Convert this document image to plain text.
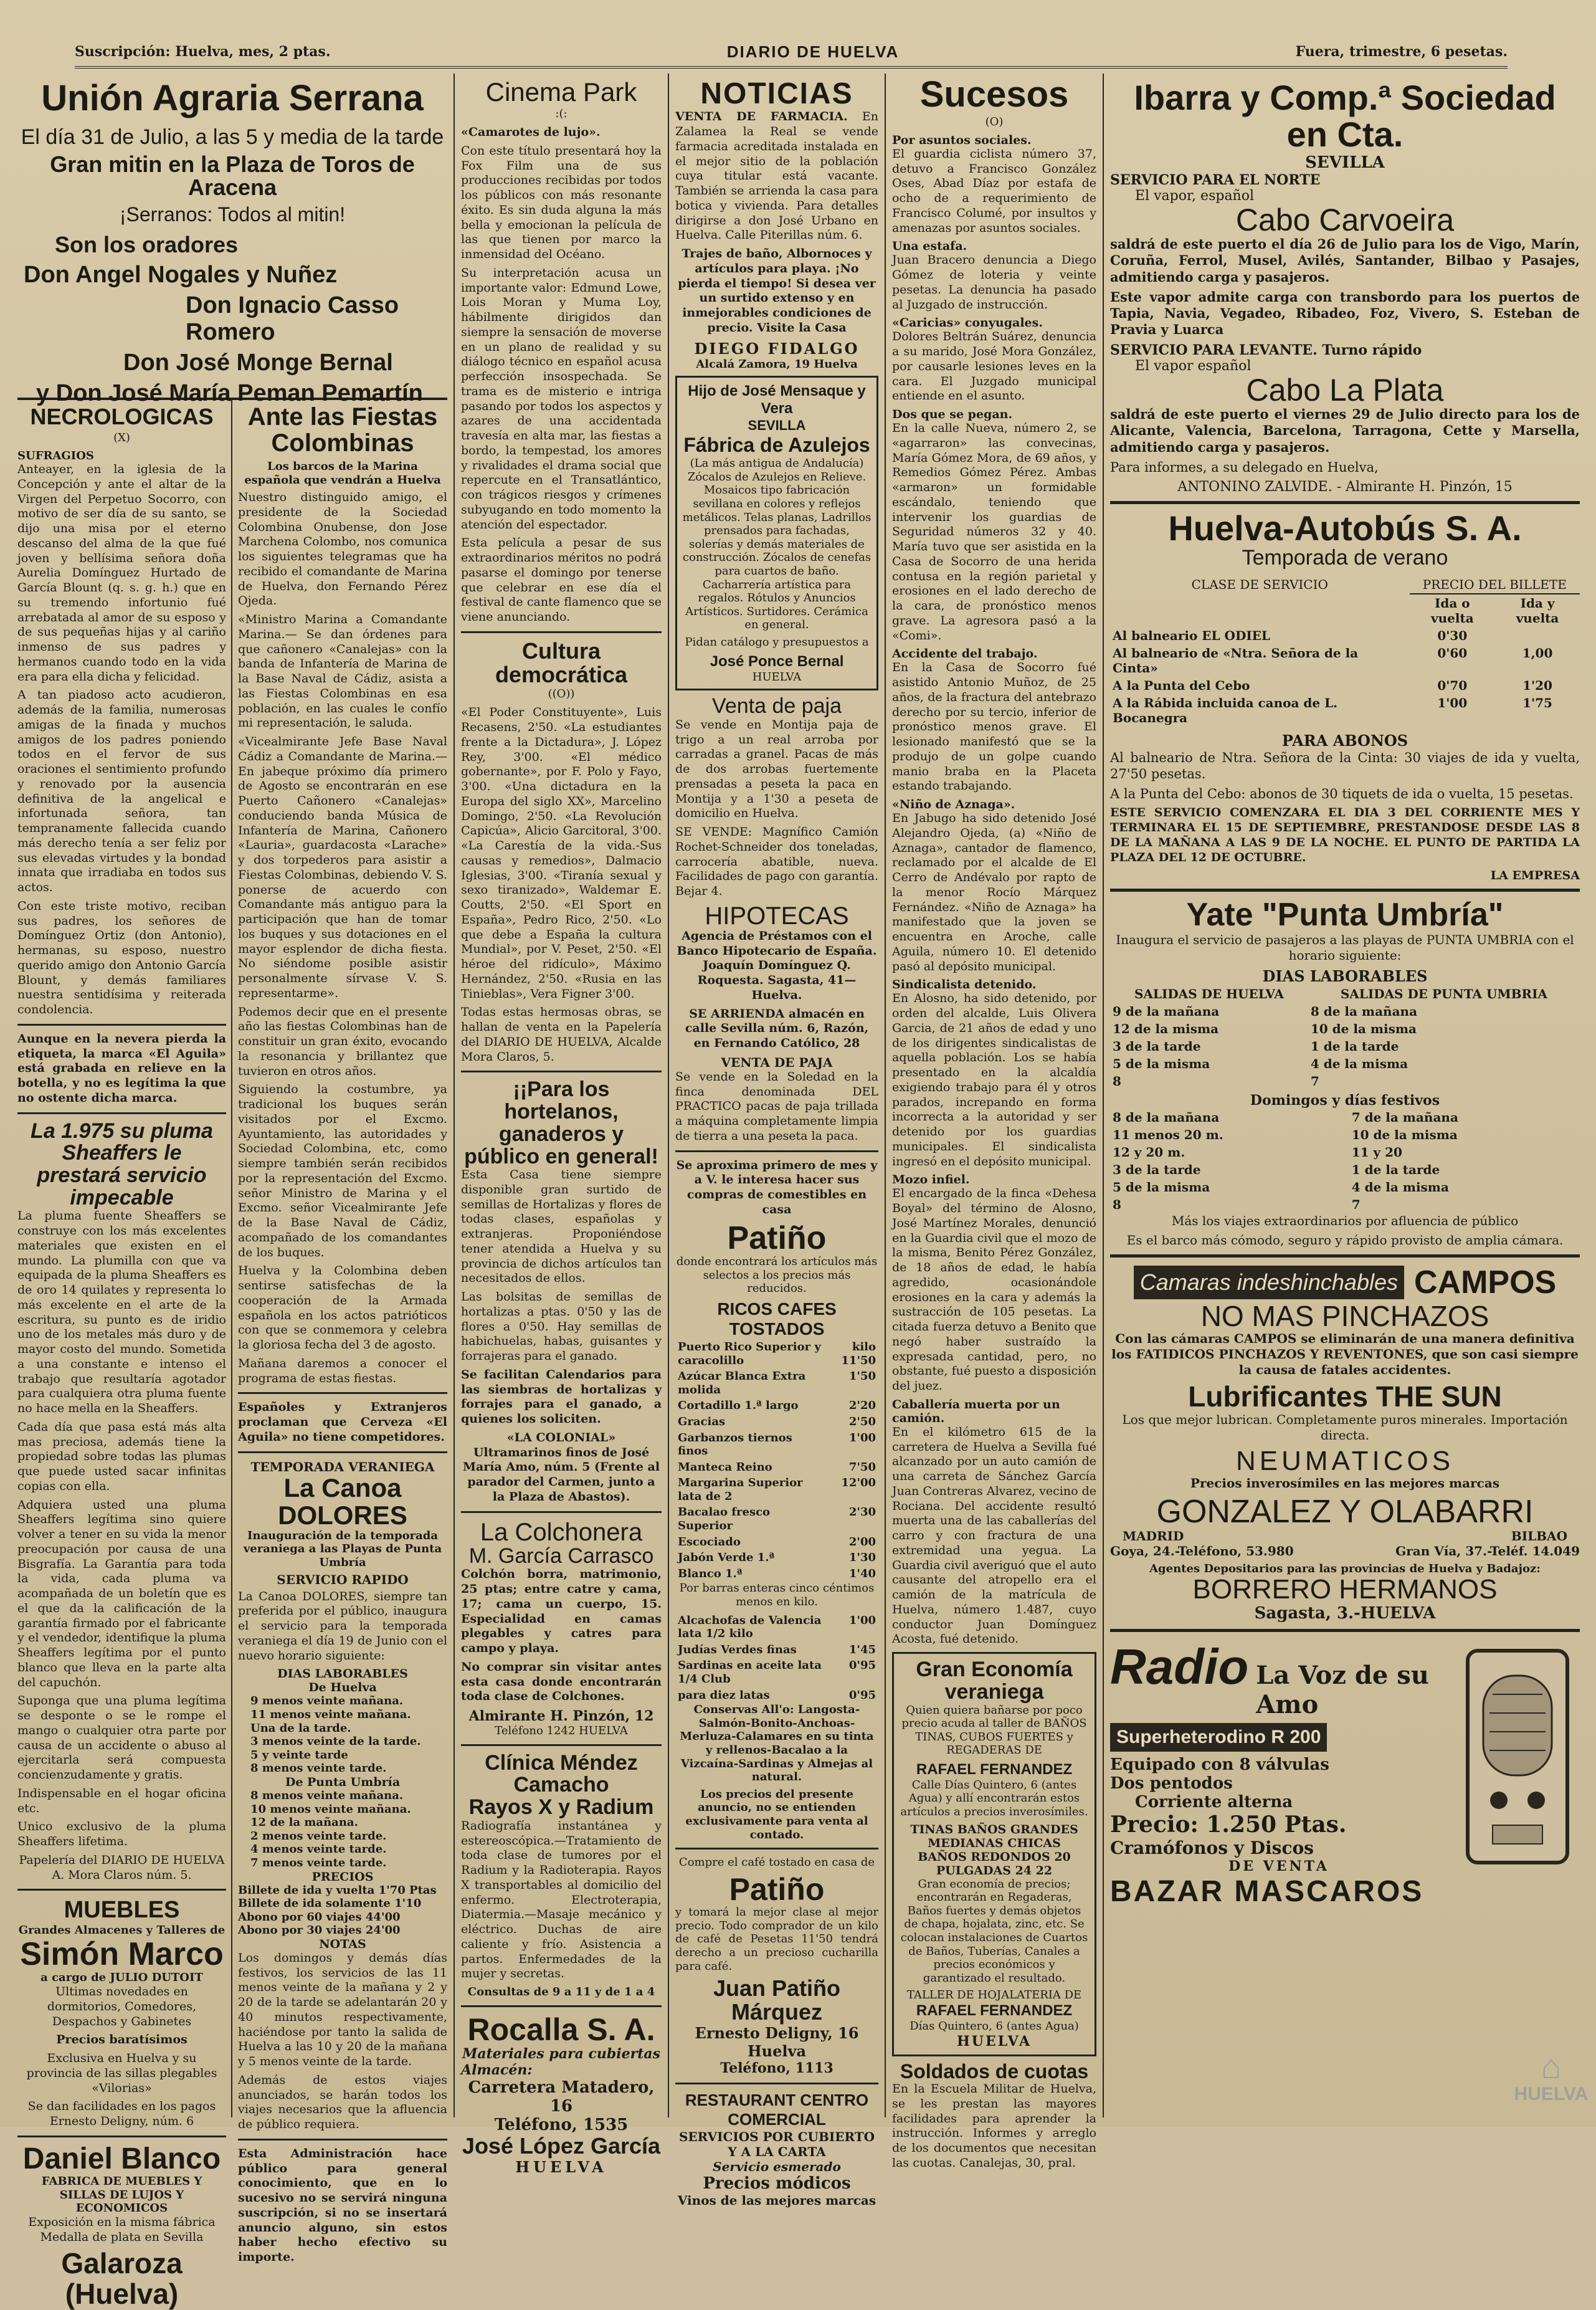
Suscripción: Huelva, mes, 2 ptas.	DIARIO DE HUELVA	Fuera, trimestre, 6 pesetas.
Unión Agraria Serrana
El día 31 de Julio, a las 5 y media de la tarde
Gran mitin en la Plaza de Toros de Aracena
¡Serranos: Todos al mitin!
Son los oradores
Don Angel Nogales y Nuñez
Don Ignacio Casso Romero
Don José Monge Bernal
y Don José María Peman Pemartín
NECROLOGICAS
(X)
SUFRAGIOS

Anteayer, en la iglesia de la Concepción y ante el altar de la Virgen del Perpetuo Socorro, con motivo de ser día de su santo, se dijo una misa por el eterno descanso del alma de la que fué joven y bellísima señora doña Aurelia Domínguez Hurtado de García Blount (q. s. g. h.) que en su tremendo infortunio fué arrebatada al amor de su esposo y de sus pequeñas hijas y al cariño inmenso de sus padres y hermanos cuando todo en la vida era para ella dicha y felicidad.

A tan piadoso acto acudieron, además de la familia, numerosas amigas de la finada y muchos amigos de los padres poniendo todos en el fervor de sus oraciones el sentimiento profundo y renovado por la ausencia definitiva de la angelical e infortunada señora, tan tempranamente fallecida cuando más derecho tenía a ser feliz por sus elevadas virtudes y la bondad innata que irradiaba en todos sus actos.

Con este triste motivo, reciban sus padres, los señores de Domínguez Ortiz (don Antonio), hermanas, su esposo, nuestro querido amigo don Antonio García Blount, y demás familiares nuestra sentidísima y reiterada condolencia.

Aunque en la nevera pierda la etiqueta, la marca «El Aguila» está grabada en relieve en la botella, y no es legítima la que no ostente dicha marca.

La 1.975 su pluma Sheaffers le prestará servicio impecable

La pluma fuente Sheaffers se construye con los más excelentes materiales que existen en el mundo. La plumilla con que va equipada de la pluma Sheaffers es de oro 14 quilates y representa lo más excelente en el arte de la escritura, su punto es de iridio uno de los metales más duro y de mayor costo del mundo. Sometida a una constante e intenso el trabajo que resultaría agotador para cualquiera otra pluma fuente no hace mella en la Sheaffers.

Cada día que pasa está más alta mas preciosa, además tiene la propiedad sobre todas las plumas que puede usted sacar infinitas copias con ella.

Adquiera usted una pluma Sheaffers legítima sino quiere volver a tener en su vida la menor preocupación por causa de una Bisgrafía. La Garantía para toda la vida, cada pluma va acompañada de un boletín que es el que da la calificación de la garantía firmado por el fabricante y el vendedor, identifique la pluma Sheaffers legítima por el punto blanco que lleva en la parte alta del capuchón.

Suponga que una pluma legítima se desponte o se le rompe el mango o cualquier otra parte por causa de un accidente o abuso al ejercitarla será compuesta concienzudamente y gratis.

Indispensable en el hogar oficina etc.

Unico exclusivo de la pluma Sheaffers lifetima.

Papelería del DIARIO DE HUELVA A. Mora Claros núm. 5.

MUEBLES
Grandes Almacenes y Talleres de
Simón Marco
a cargo de JULIO DUTOIT

Ultimas novedades en dormitorios, Comedores, Despachos y Gabinetes

Precios baratísimos

Exclusiva en Huelva y su provincia de las sillas plegables «Vilorias»

Se dan facilidades en los pagos Ernesto Deligny, núm. 6

Daniel Blanco
FABRICA DE MUEBLES Y SILLAS DE LUJOS Y ECONOMICOS

Exposición en la misma fábrica Medalla de plata en Sevilla

Galaroza (Huelva)
Ante las Fiestas Colombinas
Los barcos de la Marina española que vendrán a Huelva

Nuestro distinguido amigo, el presidente de la Sociedad Colombina Onubense, don Jose Marchena Colombo, nos comunica los siguientes telegramas que ha recibido el comandante de Marina de Huelva, don Fernando Pérez Ojeda.

«Ministro Marina a Comandante Marina.— Se dan órdenes para que cañonero «Canalejas» con la banda de Infantería de Marina de la Base Naval de Cádiz, asista a las Fiestas Colombinas en esa población, en las cuales le confío mi representación, le saluda.

«Vicealmirante Jefe Base Naval Cádiz a Comandante de Marina.— En jabeque próximo día primero de Agosto se encontrarán en ese Puerto Cañonero «Canalejas» conduciendo banda Música de Infantería de Marina, Cañonero «Lauria», guardacosta «Larache» y dos torpederos para asistir a Fiestas Colombinas, debiendo V. S. ponerse de acuerdo con Comandante más antiguo para la participación que han de tomar los buques y sus dotaciones en el mayor esplendor de dicha fiesta. No siéndome posible asistir personalmente sírvase V. S. representarme».

Podemos decir que en el presente año las fiestas Colombinas han de constituir un gran éxito, evocando la resonancia y brillantez que tuvieron en otros años.

Siguiendo la costumbre, ya tradicional los buques serán visitados por el Excmo. Ayuntamiento, las autoridades y Sociedad Colombina, etc, como siempre también serán recibidos por la representación del Excmo. señor Ministro de Marina y el Excmo. señor Vicealmirante Jefe de la Base Naval de Cádiz, acompañado de los comandantes de los buques.

Huelva y la Colombina deben sentirse satisfechas de la cooperación de la Armada española en los actos patrióticos con que se conmemora y celebra la gloriosa fecha del 3 de agosto.

Mañana daremos a conocer el programa de estas fiestas.

Españoles y Extranjeros proclaman que Cerveza «El Aguila» no tiene competidores.

TEMPORADA VERANIEGA
La Canoa DOLORES
Inauguración de la temporada veraniega a las Playas de Punta Umbría
SERVICIO RAPIDO

La Canoa DOLORES, siempre tan preferida por el público, inaugura el servicio para la temporada veraniega el día 19 de Junio con el nuevo horario siguiente:

DIAS LABORABLES
De Huelva
9 menos veinte mañana.
11 menos veinte mañana.
Una de la tarde.
3 menos veinte de la tarde.
5 y veinte tarde
8 menos veinte tarde.
De Punta Umbría
8 menos veinte mañana.
10 menos veinte mañana.
12 de la mañana.
2 menos veinte tarde.
4 menos veinte tarde.
7 menos veinte tarde.
PRECIOS
Billete de ida y vuelta 1'70 Ptas
Billete de ida solamente 1'10
Abono por 60 viajes 44'00
Abono por 30 viajes 24'00
NOTAS

Los domingos y demás días festivos, los servicios de las 11 menos veinte de la mañana y 2 y 20 de la tarde se adelantarán 20 y 40 minutos respectivamente, haciéndose por tanto la salida de Huelva a las 10 y 20 de la mañana y 5 menos veinte de la tarde.

Además de estos viajes anunciados, se harán todos los viajes necesarios que la afluencia de público requiera.

Esta Administración hace público para general conocimiento, que en lo sucesivo no se servirá ninguna suscripción, si no se insertará anuncio alguno, sin estos haber hecho efectivo su importe.

Cinema Park
:(:

«Camarotes de lujo».

Con este título presentará hoy la Fox Film una de sus producciones recibidas por todos los públicos con más resonante éxito. Es sin duda alguna la más bella y emocionan la película de las que tienen por marco la inmensidad del Océano.

Su interpretación acusa un importante valor: Edmund Lowe, Lois Moran y Muma Loy, hábilmente dirigidos dan siempre la sensación de moverse en un plano de realidad y su diálogo técnico en español acusa perfección insospechada. Se trama es de misterio e intriga pasando por todos los aspectos y azares de una accidentada travesía en alta mar, las fiestas a bordo, la tempestad, los amores y rivalidades el drama social que repercute en el Transatlántico, con trágicos riesgos y crímenes subyugando en todo momento la atención del espectador.

Esta película a pesar de sus extraordinarios méritos no podrá pasarse el domingo por tenerse que celebrar en ese día el festival de cante flamenco que se viene anunciando.

Cultura democrática
((O))

«El Poder Constituyente», Luis Recasens, 2'50. «La estudiantes frente a la Dictadura», J. López Rey, 3'00. «El médico gobernante», por F. Polo y Fayo, 3'00. «Una dictadura en la Europa del siglo XX», Marcelino Domingo, 2'50. «La Revolución Capicúa», Alicio Garcitoral, 3'00. «La Carestía de la vida.-Sus causas y remedios», Dalmacio Iglesias, 3'00. «Tiranía sexual y sexo tiranizado», Waldemar E. Coutts, 2'50. «El Sport en España», Pedro Rico, 2'50. «Lo que debe a España la cultura Mundial», por V. Peset, 2'50. «El héroe del ridículo», Máximo Hernández, 2'50. «Rusia en las Tinieblas», Vera Figner 3'00.

Todas estas hermosas obras, se hallan de venta en la Papelería del DIARIO DE HUELVA, Alcalde Mora Claros, 5.

¡¡Para los hortelanos, ganaderos y público en general!

Esta Casa tiene siempre disponible gran surtido de semillas de Hortalizas y flores de todas clases, españolas y extranjeras. Proponiéndose tener atendida a Huelva y su provincia de dichos artículos tan necesitados de ellos.

Las bolsitas de semillas de hortalizas a ptas. 0'50 y las de flores a 0'50. Hay semillas de habichuelas, habas, guisantes y forrajeras para el ganado.

Se facilitan Calendarios para las siembras de hortalizas y forrajes para el ganado, a quienes los soliciten.

«LA COLONIAL» Ultramarinos finos de José María Amo, núm. 5 (Frente al parador del Carmen, junto a la Plaza de Abastos).

La Colchonera
M. García Carrasco

Colchón borra, matrimonio, 25 ptas; entre catre y cama, 17; cama un cuerpo, 15. Especialidad en camas plegables y catres para campo y playa.

No comprar sin visitar antes esta casa donde encontrarán toda clase de Colchones.

Almirante H. Pinzón, 12
Teléfono 1242 HUELVA
Clínica Méndez Camacho
Rayos X y Radium

Radiografía instantánea y estereoscópica.—Tratamiento de toda clase de tumores por el Radium y la Radioterapia. Rayos X transportables al domicilio del enfermo. Electroterapia, Diatermia.—Masaje mecánico y eléctrico. Duchas de aire caliente y frío. Asistencia a partos. Enfermedades de la mujer y secretas.

Consultas de 9 a 11 y de 1 a 4
Rocalla S. A.
Materiales para cubiertas
Almacén:
Carretera Matadero, 16
Teléfono, 1535
José López García
HUELVA
NOTICIAS

VENTA DE FARMACIA. En Zalamea la Real se vende farmacia acreditada instalada en el mejor sitio de la población cuya titular está vacante. También se arrienda la casa para botica y vivienda. Para detalles dirigirse a don José Urbano en Huelva. Calle Piterillas núm. 6.

Trajes de baño, Albornoces y artículos para playa. ¡No pierda el tiempo! Si desea ver un surtido extenso y en inmejorables condiciones de precio. Visite la Casa

DIEGO FIDALGO
Alcalá Zamora, 19 Huelva
Hijo de José Mensaque y Vera
SEVILLA
Fábrica de Azulejos
(La más antigua de Andalucía)

Zócalos de Azulejos en Relieve. Mosaicos tipo fabricación sevillana en colores y reflejos metálicos. Telas planas, Ladrillos prensados para fachadas, solerías y demás materiales de construcción. Zócalos de cenefas para cuartos de baño. Cacharrería artística para regalos. Rótulos y Anuncios Artísticos. Surtidores. Cerámica en general.

Pidan catálogo y presupuestos a

José Ponce Bernal
HUELVA
Venta de paja

Se vende en Montija paja de trigo a un real arroba por carradas a granel. Pacas de más de dos arrobas fuertemente prensadas a peseta la paca en Montija y a 1'30 a peseta de domicilio en Huelva.

SE VENDE: Magnífico Camión Rochet-Schneider dos toneladas, carrocería abatible, nueva. Facilidades de pago con garantía. Bejar 4.

HIPOTECAS

Agencia de Préstamos con el Banco Hipotecario de España. Joaquín Domínguez Q. Roquesta. Sagasta, 41—Huelva.

SE ARRIENDA almacén en calle Sevilla núm. 6, Razón, en Fernando Católico, 28

VENTA DE PAJA

Se vende en la Soledad en la finca denominada DEL PRACTICO pacas de paja trillada a máquina completamente limpia de tierra a una peseta la paca.

Se aproxima primero de mes y a V. le interesa hacer sus compras de comestibles en casa

Patiño

donde encontrará los artículos más selectos a los precios más reducidos.

RICOS CAFES TOSTADOS
Puerto Rico Superior y caracolillo	kilo 11'50
Azúcar Blanca Extra molida	1'50
Cortadillo 1.ª largo	2'20
Gracias	2'50
Garbanzos tiernos finos	1'00
Manteca Reino	7'50
Margarina Superior lata de 2	12'00
Bacalao fresco Superior	2'30
Escociado	2'00
Jabón Verde 1.ª	1'30
Blanco 1.ª	1'40

Por barras enteras cinco céntimos menos en kilo.

Alcachofas de Valencia lata 1/2 kilo	1'00
Judías Verdes finas	1'45
Sardinas en aceite lata 1/4 Club	0'95
para diez latas	0'95

Conservas All'o: Langosta-Salmón-Bonito-Anchoas-Merluza-Calamares en su tinta y rellenos-Bacalao a la Vizcaína-Sardinas y Almejas al natural.

Los precios del presente anuncio, no se entienden exclusivamente para venta al contado.

Compre el café tostado en casa de

Patiño

y tomará la mejor clase al mejor precio. Todo comprador de un kilo de café de Pesetas 11'50 tendrá derecho a un precioso cucharilla para café.

Juan Patiño Márquez
Ernesto Deligny, 16 Huelva
Teléfono, 1113
RESTAURANT CENTRO COMERCIAL
SERVICIOS POR CUBIERTO Y A LA CARTA
Servicio esmerado
Precios módicos
Vinos de las mejores marcas
Sucesos
(O)
Por asuntos sociales.

El guardia ciclista número 37, detuvo a Francisco González Oses, Abad Díaz por estafa de ocho de a requerimiento de Francisco Columé, por insultos y amenazas por asuntos sociales.

Una estafa.

Juan Bracero denuncia a Diego Gómez de loteria y veinte pesetas. La denuncia ha pasado al Juzgado de instrucción.

«Caricias» conyugales.

Dolores Beltrán Suárez, denuncia a su marido, José Mora González, por causarle lesiones leves en la cara. El Juzgado municipal entiende en el asunto.

Dos que se pegan.

En la calle Nueva, número 2, se «agarraron» las convecinas, María Gómez Mora, de 69 años, y Remedios Gómez Pérez. Ambas «armaron» un formidable escándalo, teniendo que intervenir los guardias de Seguridad números 32 y 40. María tuvo que ser asistida en la Casa de Socorro de una herida contusa en la región parietal y erosiones en el lado derecho de la cara, de pronóstico menos grave. La agresora pasó a la «Comi».

Accidente del trabajo.

En la Casa de Socorro fué asistido Antonio Muñoz, de 25 años, de la fractura del antebrazo derecho por su tercio, inferior de pronóstico menos grave. El lesionado manifestó que se la produjo de un golpe cuando manio braba en la Placeta estando trabajando.

«Niño de Aznaga».

En Jabugo ha sido detenido José Alejandro Ojeda, (a) «Niño de Aznaga», cantador de flamenco, reclamado por el alcalde de El Cerro de Andévalo por rapto de la menor Rocío Márquez Fernández. «Niño de Aznaga» ha manifestado que la joven se encuentra en Aroche, calle Aguila, número 10. El detenido pasó al depósito municipal.

Sindicalista detenido.

En Alosno, ha sido detenido, por orden del alcalde, Luis Olivera Garcia, de 21 años de edad y uno de los dirigentes sindicalistas de aquella población. Los se había presentado en la alcaldía exigiendo trabajo para él y otros parados, increpando en forma incorrecta a la autoridad y ser detenido por los guardias municipales. El sindicalista ingresó en el depósito municipal.

Mozo infiel.

El encargado de la finca «Dehesa Boyal» del término de Alosno, José Martínez Morales, denunció en la Guardia civil que el mozo de la misma, Benito Pérez González, de 18 años de edad, le había agredido, ocasionándole erosiones en la cara y además la sustracción de 105 pesetas. La citada fuerza detuvo a Benito que negó haber sustraído la expresada cantidad, pero, no obstante, fué puesto a disposición del juez.

Caballería muerta por un camión.

En el kilómetro 615 de la carretera de Huelva a Sevilla fué alcanzado por un auto camión de una carreta de Sánchez García Juan Contreras Alvarez, vecino de Rociana. Del accidente resultó muerta una de las caballerías del carro y con fractura de una extremidad una yegua. La Guardia civil averiguó que el auto causante del atropello era el camión de la matrícula de Huelva, número 1.487, cuyo conductor Juan Domínguez Acosta, fué detenido.

Gran Economía veraniega

Quien quiera bañarse por poco precio acuda al taller de BAÑOS TINAS, CUBOS FUERTES y REGADERAS DE

RAFAEL FERNANDEZ

Calle Días Quintero, 6 (antes Agua) y allí encontrarán estos artículos a precios inverosímiles.

TINAS BAÑOS GRANDES MEDIANAS CHICAS
BAÑOS REDONDOS 20 PULGADAS 24 22

Gran economía de precios; encontrarán en Regaderas, Baños fuertes y demás objetos de chapa, hojalata, zinc, etc. Se colocan instalaciones de Cuartos de Baños, Tuberías, Canales a precios económicos y garantizado el resultado.

TALLER DE HOJALATERIA DE
RAFAEL FERNANDEZ
Días Quintero, 6 (antes Agua)
HUELVA
Soldados de cuotas

En la Escuela Militar de Huelva, se les prestan las mayores facilidades para aprender la instrucción. Informes y arreglo de los documentos que necesitan las cuotas. Canalejas, 30, pral.

Ibarra y Comp.ª Sociedad en Cta.
SEVILLA
SERVICIO PARA EL NORTE
El vapor, español
Cabo Carvoeira

saldrá de este puerto el día 26 de Julio para los de Vigo, Marín, Coruña, Ferrol, Musel, Avilés, Santander, Bilbao y Pasajes, admitiendo carga y pasajeros.

Este vapor admite carga con transbordo para los puertos de Tapia, Navia, Vegadeo, Ribadeo, Foz, Vivero, S. Esteban de Pravia y Luarca

SERVICIO PARA LEVANTE. Turno rápido
El vapor español
Cabo La Plata

saldrá de este puerto el viernes 29 de Julio directo para los de Alicante, Valencia, Barcelona, Tarragona, Cette y Marsella, admitiendo carga y pasajeros.

Para informes, a su delegado en Huelva,

ANTONINO ZALVIDE. - Almirante H. Pinzón, 15
Huelva-Autobús S. A.
Temporada de verano
CLASE DE SERVICIO	PRECIO DEL BILLETE	
	Ida o vuelta	Ida y vuelta
Al balneario EL ODIEL	0'30	
Al balneario de «Ntra. Señora de la Cinta»	0'60	1,00
A la Punta del Cebo	0'70	1'20
A la Rábida incluida canoa de L. Bocanegra	1'00	1'75
PARA ABONOS

Al balneario de Ntra. Señora de la Cinta: 30 viajes de ida y vuelta, 27'50 pesetas.

A la Punta del Cebo: abonos de 30 tiquets de ida o vuelta, 15 pesetas.

ESTE SERVICIO COMENZARA EL DIA 3 DEL CORRIENTE MES Y TERMINARA EL 15 DE SEPTIEMBRE, PRESTANDOSE DESDE LAS 8 DE LA MAÑANA A LAS 9 DE LA NOCHE. EL PUNTO DE PARTIDA LA PLAZA DEL 12 DE OCTUBRE.

LA EMPRESA
Yate "Punta Umbría"

Inaugura el servicio de pasajeros a las playas de PUNTA UMBRIA con el horario siguiente:

DIAS LABORABLES
SALIDAS DE HUELVA	SALIDAS DE PUNTA UMBRIA
9 de la mañana	8 de la mañana
12 de la misma	10 de la misma
3 de la tarde	1 de la tarde
5 de la misma	4 de la misma
8	7
Domingos y días festivos
8 de la mañana	7 de la mañana
11 menos 20 m.	10 de la misma
12 y 20 m.	11 y 20
3 de la tarde	1 de la tarde
5 de la misma	4 de la misma
8	7

Más los viajes extraordinarios por afluencia de público

Es el barco más cómodo, seguro y rápido provisto de amplia cámara.

Camaras indeshinchables CAMPOS
NO MAS PINCHAZOS

Con las cámaras CAMPOS se eliminarán de una manera definitiva los FATIDICOS PINCHAZOS Y REVENTONES, que son casi siempre la causa de fatales accidentes.

Lubrificantes THE SUN

Los que mejor lubrican. Completamente puros minerales. Importación directa.

NEUMATICOS

Precios inverosímiles en las mejores marcas

GONZALEZ Y OLABARRI
MADRID	BILBAO
Goya, 24.-Teléfono, 53.980	Gran Vía, 37.-Teléf. 14.049
Agentes Depositarios para las provincias de Huelva y Badajoz:
BORRERO HERMANOS
Sagasta, 3.-HUELVA
Radio La Voz de su Amo
Superheterodino R 200
Equipado con 8 válvulas
Dos pentodos
Corriente alterna
Precio: 1.250 Ptas.
Cramófonos y Discos
DE VENTA
BAZAR MASCAROS
⌂
HUELVA
